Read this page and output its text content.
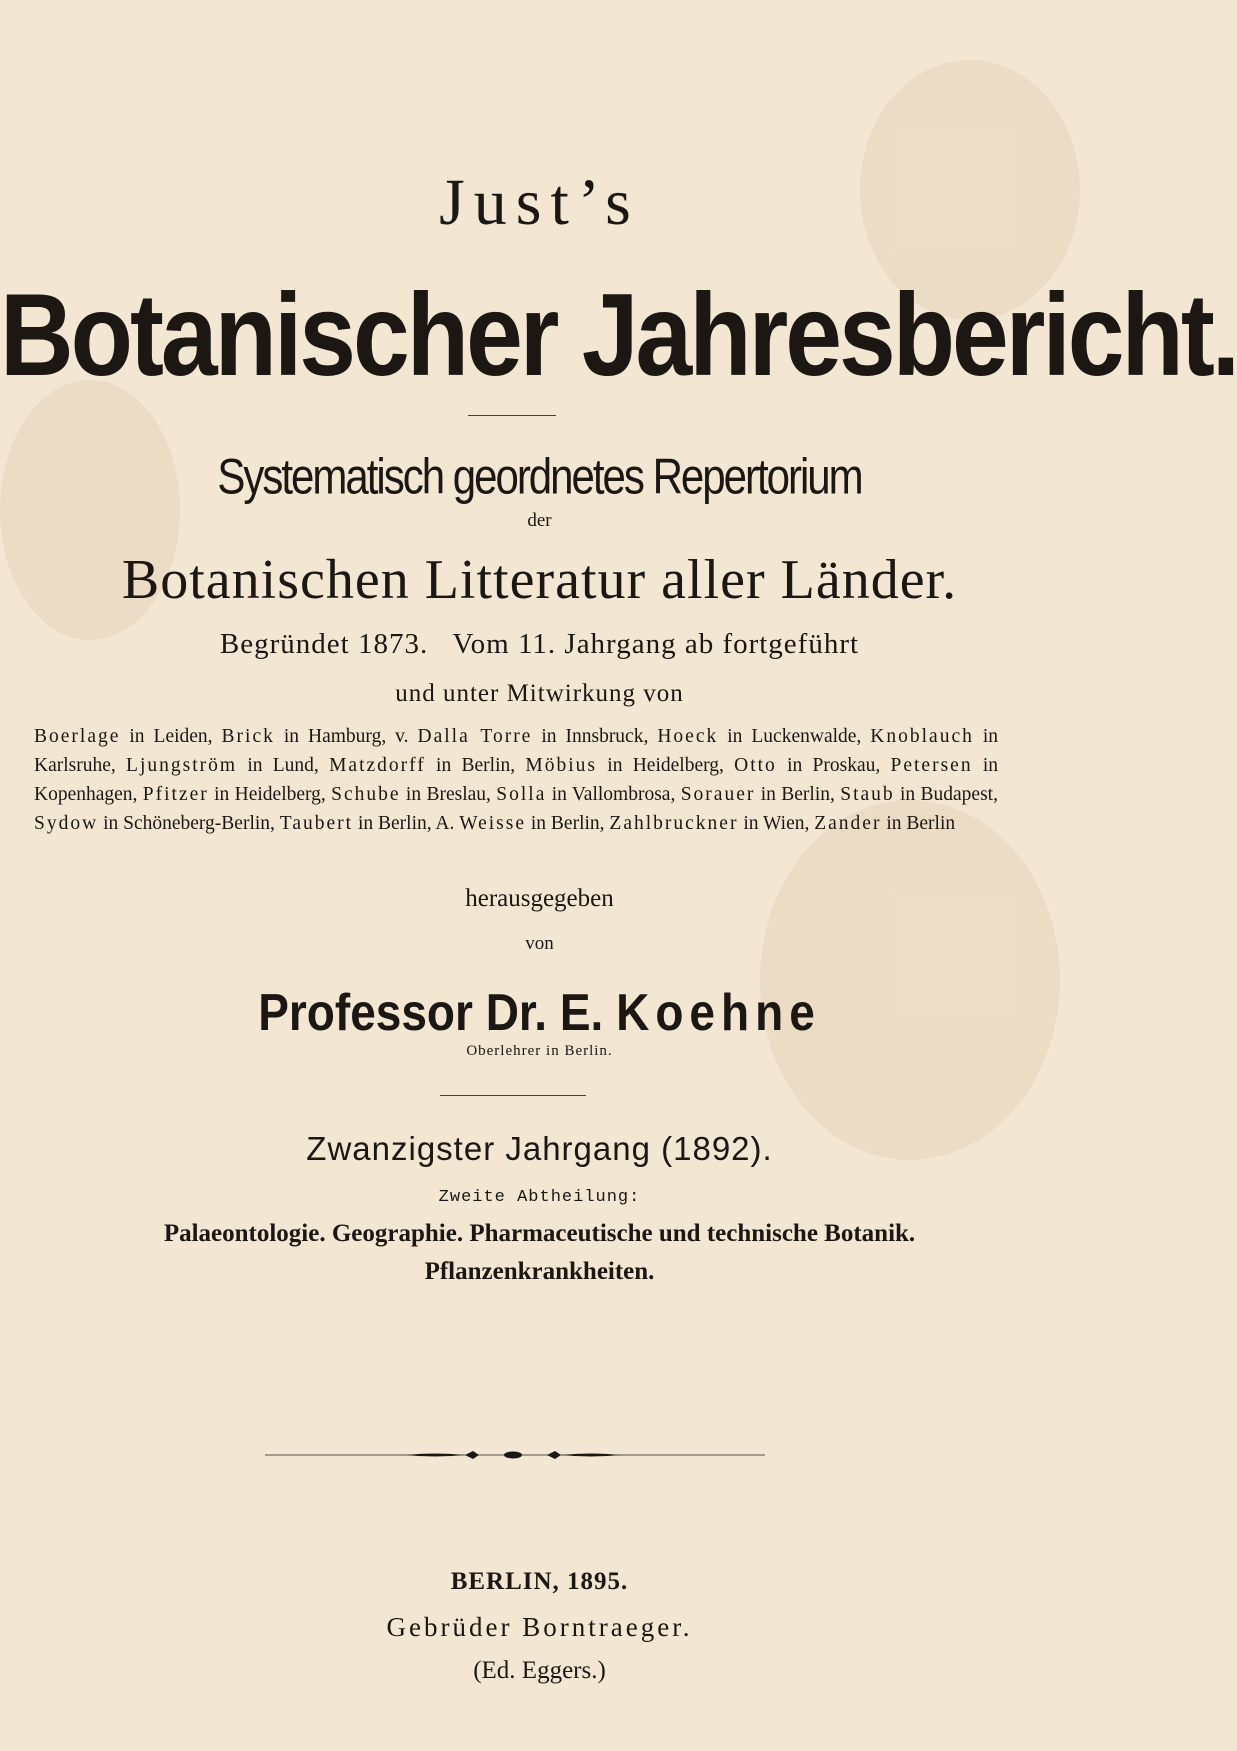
Just’s
Botanischer Jahresbericht.
Systematisch geordnetes Repertorium
der
Botanischen Litteratur aller Länder.
Begründet 1873. Vom 11. Jahrgang ab fortgeführt
und unter Mitwirkung von
Boerlage in Leiden, Brick in Hamburg, v. Dalla Torre in Innsbruck, Hoeck in Luckenwalde, Knoblauch in Karlsruhe, Ljungström in Lund, Matzdorff in Berlin, Möbius in Heidelberg, Otto in Proskau, Petersen in Kopenhagen, Pfitzer in Heidelberg, Schube in Breslau, Solla in Vallombrosa, Sorauer in Berlin, Staub in Budapest, Sydow in Schöneberg-Berlin, Taubert in Berlin, A. Weisse in Berlin, Zahlbruckner in Wien, Zander in Berlin
herausgegeben
von
Professor Dr. E. Koehne
Oberlehrer in Berlin.
Zwanzigster Jahrgang (1892).
Zweite Abtheilung:
Palaeontologie. Geographie. Pharmaceutische und technische Botanik.
Pflanzenkrankheiten.
BERLIN, 1895.
Gebrüder Borntraeger.
(Ed. Eggers.)
